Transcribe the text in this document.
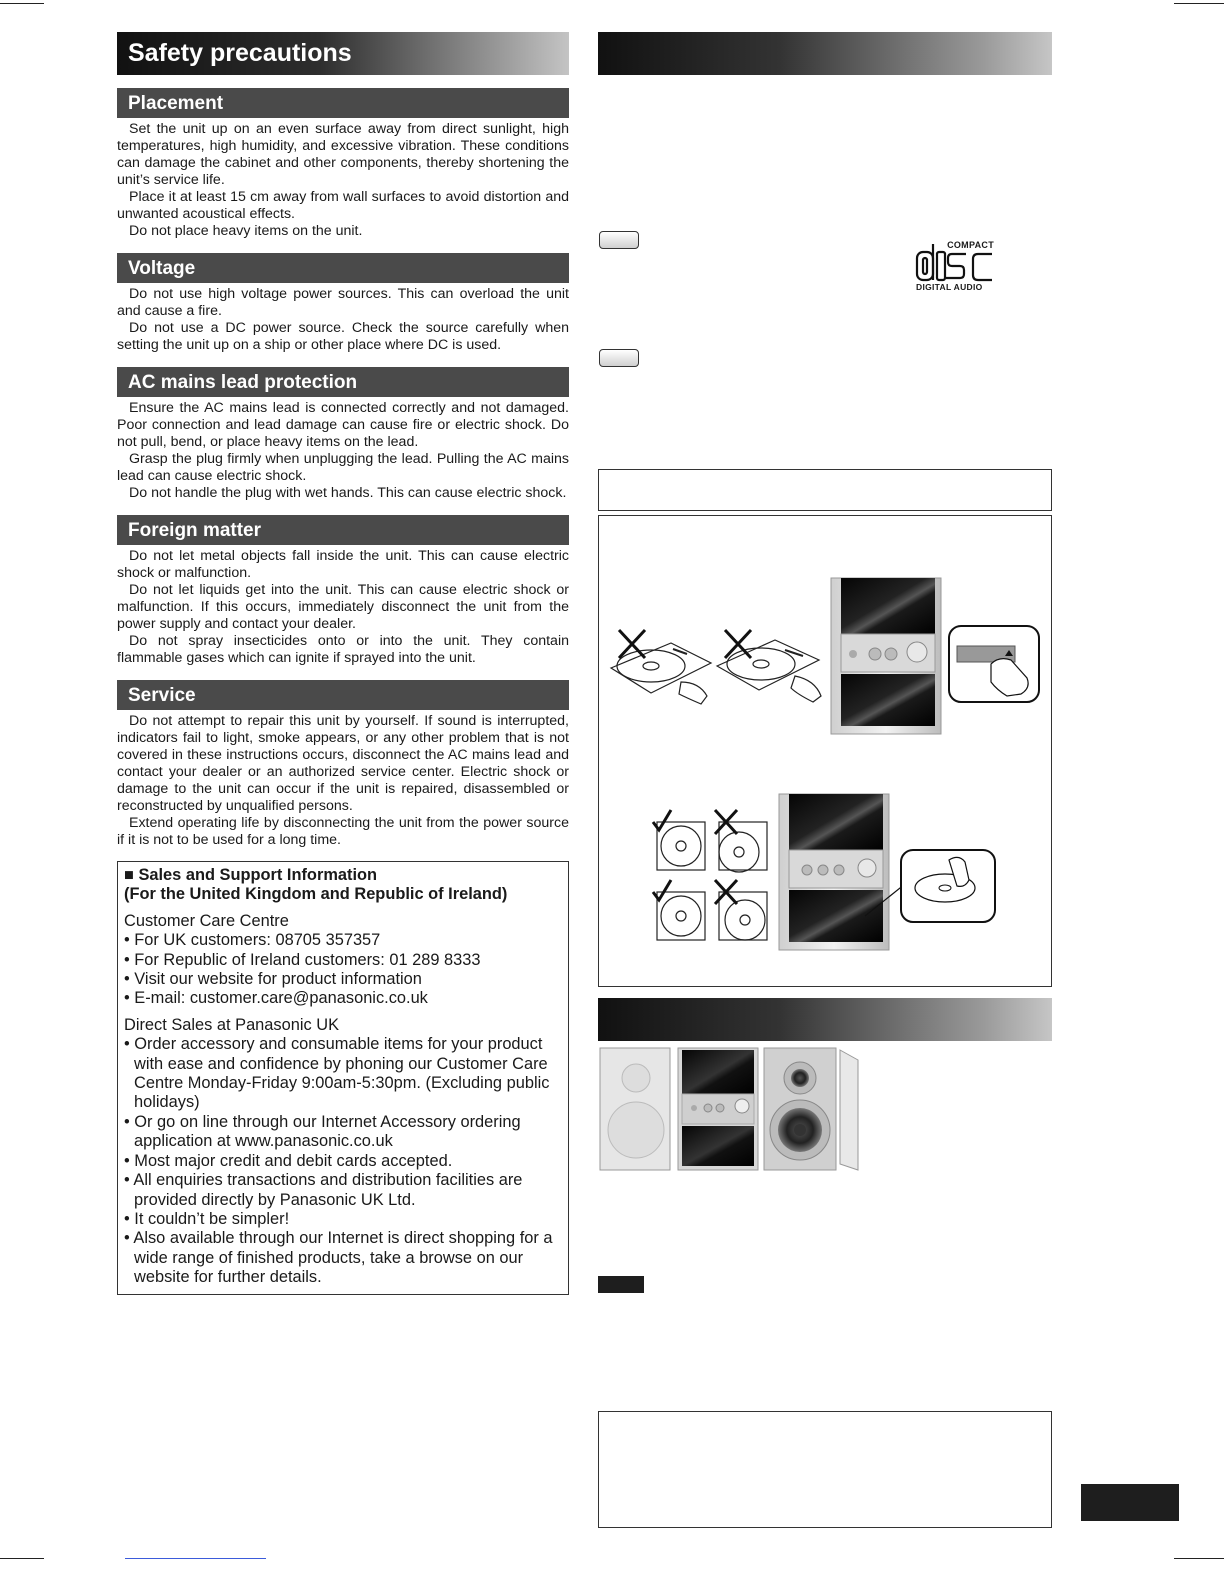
Safety precautions
Placement

Set the unit up on an even surface away from direct sunlight, high temperatures, high humidity, and excessive vibration. These conditions can damage the cabinet and other components, thereby shortening the unit’s service life.

Place it at least 15 cm away from wall surfaces to avoid distortion and unwanted acoustical effects.

Do not place heavy items on the unit.

Voltage

Do not use high voltage power sources. This can overload the unit and cause a fire.

Do not use a DC power source. Check the source carefully when setting the unit up on a ship or other place where DC is used.

AC mains lead protection

Ensure the AC mains lead is connected correctly and not damaged. Poor connection and lead damage can cause fire or electric shock. Do not pull, bend, or place heavy items on the lead.

Grasp the plug firmly when unplugging the lead. Pulling the AC mains lead can cause electric shock.

Do not handle the plug with wet hands. This can cause electric shock.

Foreign matter

Do not let metal objects fall inside the unit. This can cause electric shock or malfunction.

Do not let liquids get into the unit. This can cause electric shock or malfunction. If this occurs, immediately disconnect the unit from the power supply and contact your dealer.

Do not spray insecticides onto or into the unit. They contain flammable gases which can ignite if sprayed into the unit.

Service

Do not attempt to repair this unit by yourself. If sound is interrupted, indicators fail to light, smoke appears, or any other problem that is not covered in these instructions occurs, disconnect the AC mains lead and contact your dealer or an authorized service center. Electric shock or damage to the unit can occur if the unit is repaired, disassembled or reconstructed by unqualified persons.

Extend operating life by disconnecting the unit from the power source if it is not to be used for a long time.

■ Sales and Support Information
(For the United Kingdom and Republic of Ireland)
Customer Care Centre
• For UK customers: 08705 357357
• For Republic of Ireland customers: 01 289 8333
• Visit our website for product information
• E-mail: customer.care@panasonic.co.uk
Direct Sales at Panasonic UK
• Order accessory and consumable items for your product with ease and confidence by phoning our Customer Care Centre Monday-Friday 9:00am-5:30pm. (Excluding public holidays)
• Or go on line through our Internet Accessory ordering application at www.panasonic.co.uk
• Most major credit and debit cards accepted.
• All enquiries transactions and distribution facilities are provided directly by Panasonic UK Ltd.
• It couldn’t be simpler!
• Also available through our Internet is direct shopping for a wide range of finished products, take a browse on our website for further details.
COMPACT
DIGITAL AUDIO
